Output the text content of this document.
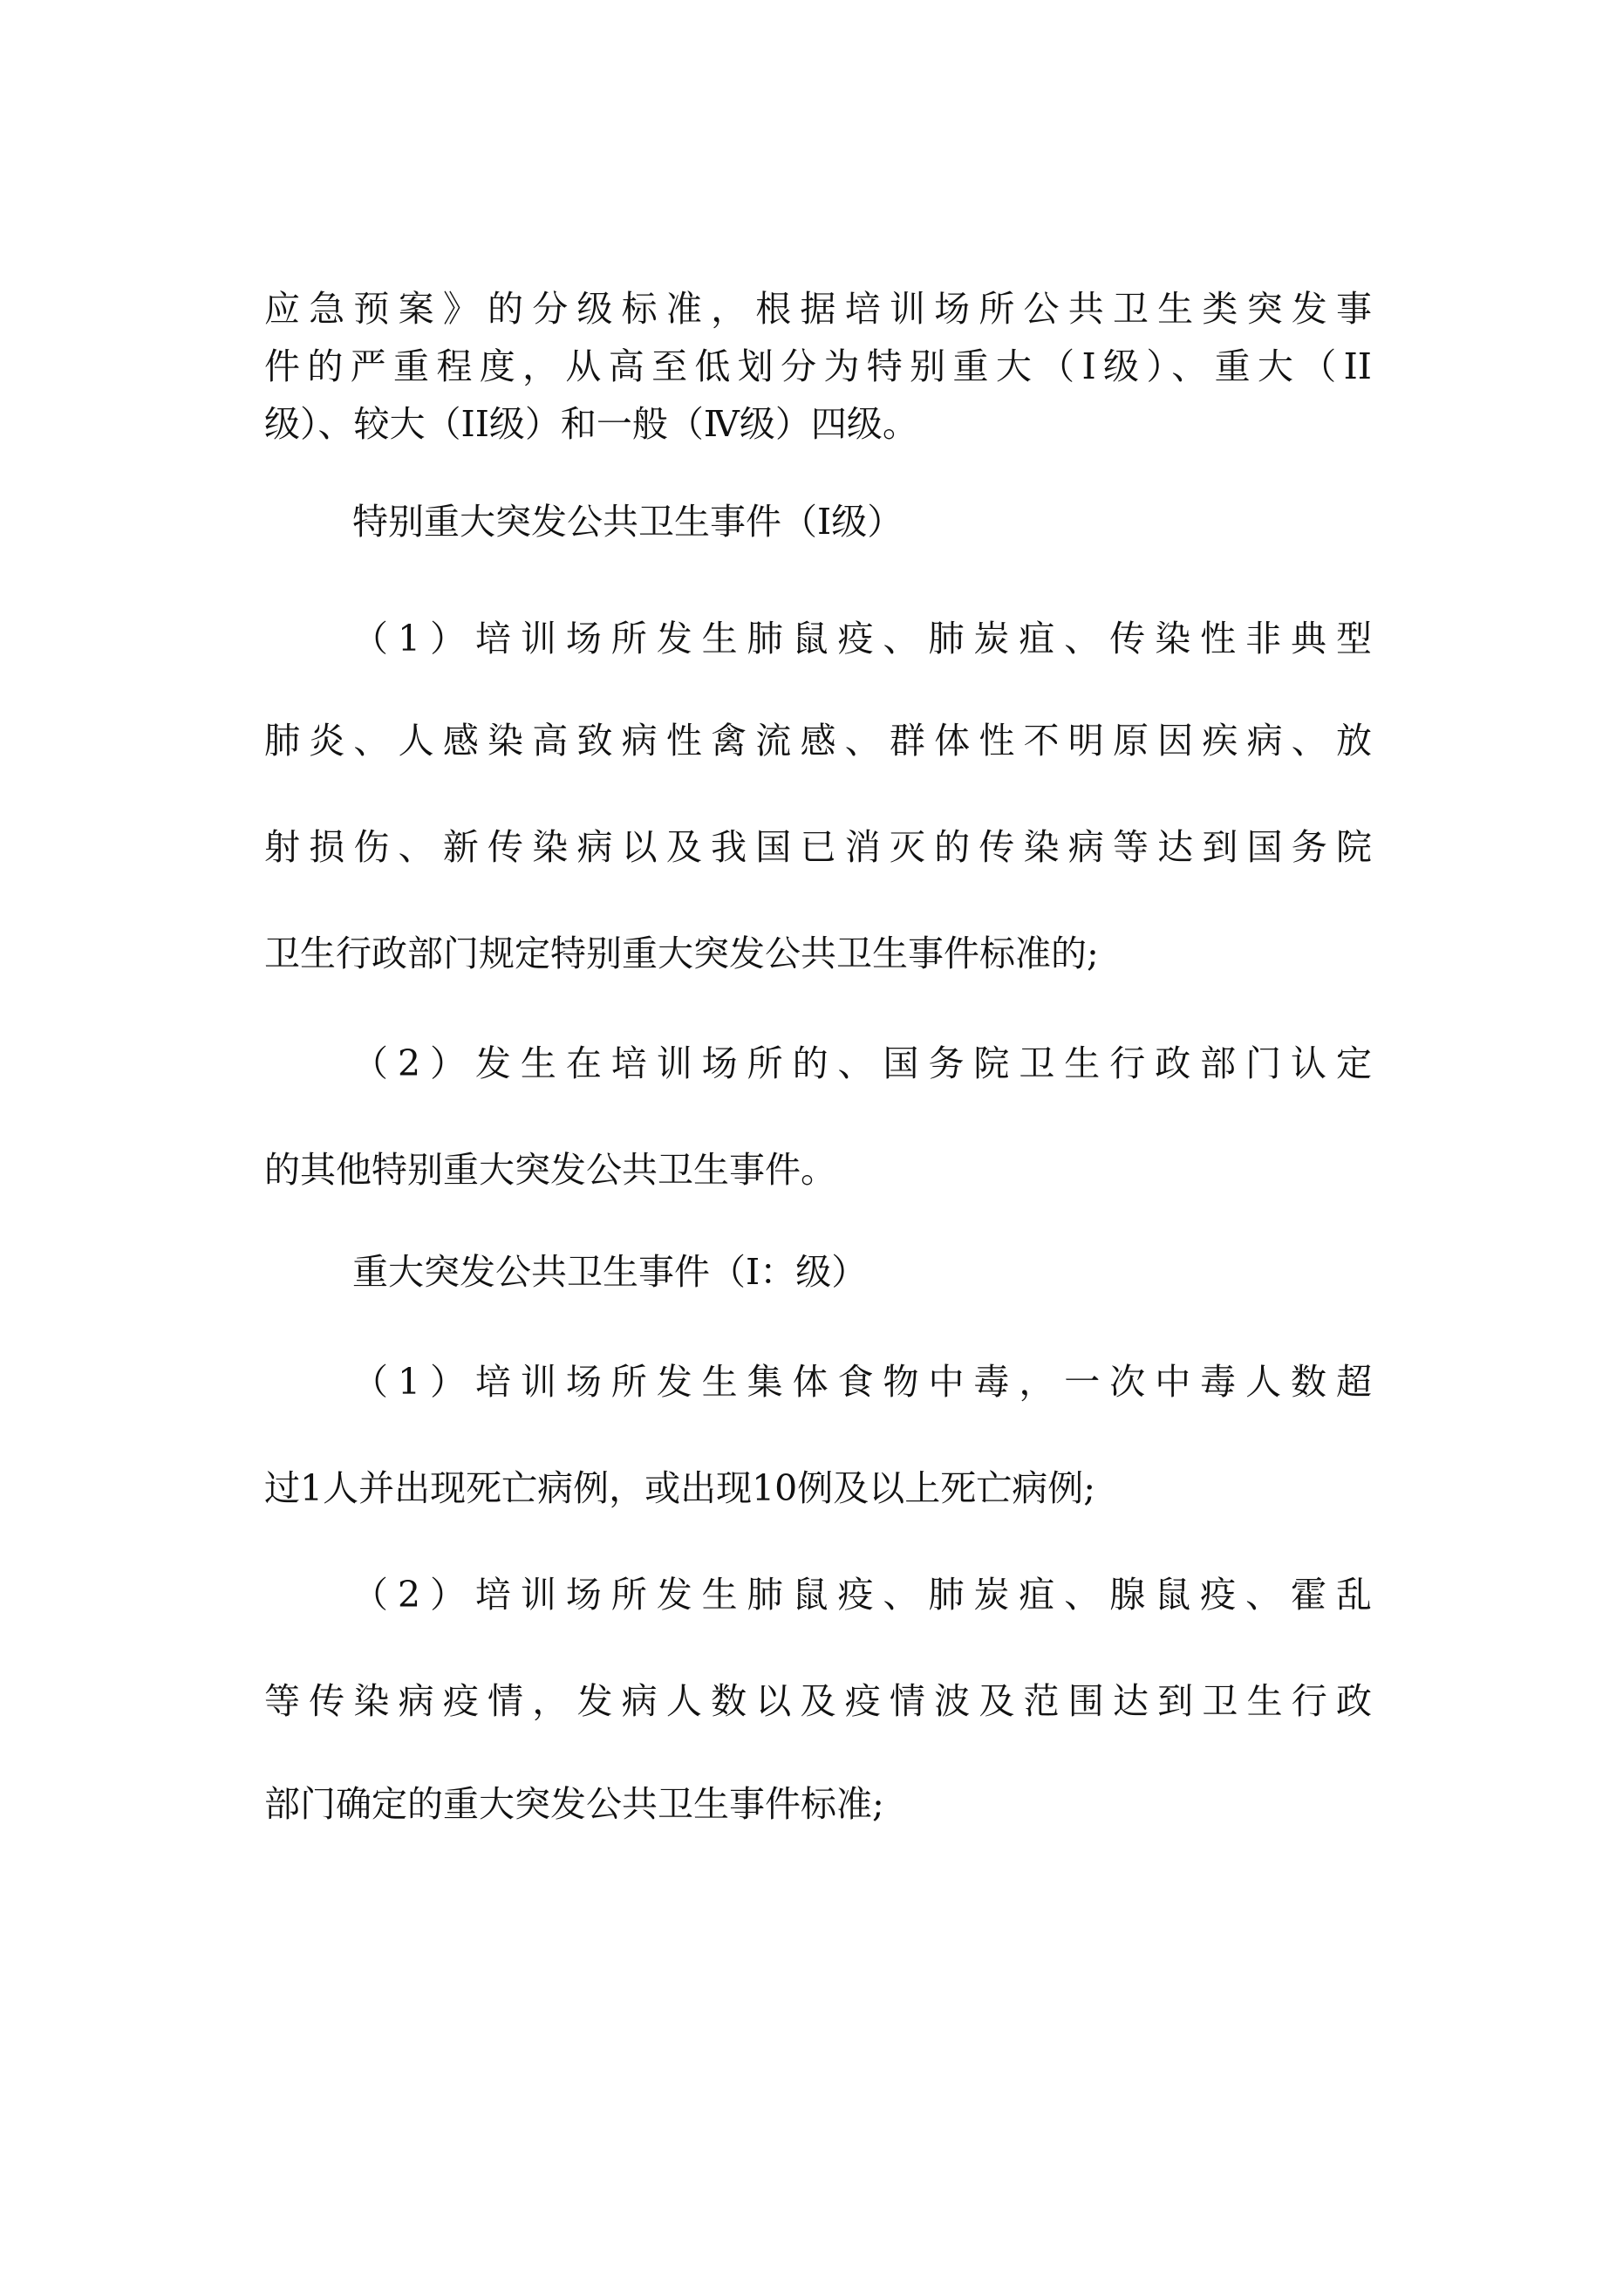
应急预案》的分级标准，根据培训场所公共卫生类突发事
件的严重程度，从高至低划分为特别重大（Ⅰ级）、重大（II
级）、较大（II级）和一般（Ⅳ级）四级。
特别重大突发公共卫生事件（Ⅰ级）
（1）培训场所发生肺鼠疫、肺炭疽、传染性非典型
肺炎、人感染高致病性禽流感、群体性不明原因疾病、放
射损伤、新传染病以及我国已消灭的传染病等达到国务院
卫生行政部门规定特别重大突发公共卫生事件标准的;
（2）发生在培训场所的、国务院卫生行政部门认定
的其他特别重大突发公共卫生事件。
重大突发公共卫生事件（I：级）
（1）培训场所发生集体食物中毒，一次中毒人数超
过1人并出现死亡病例，或出现10例及以上死亡病例;
（2）培训场所发生肺鼠疫、肺炭疽、腺鼠疫、霍乱
等传染病疫情，发病人数以及疫情波及范围达到卫生行政
部门确定的重大突发公共卫生事件标准;
